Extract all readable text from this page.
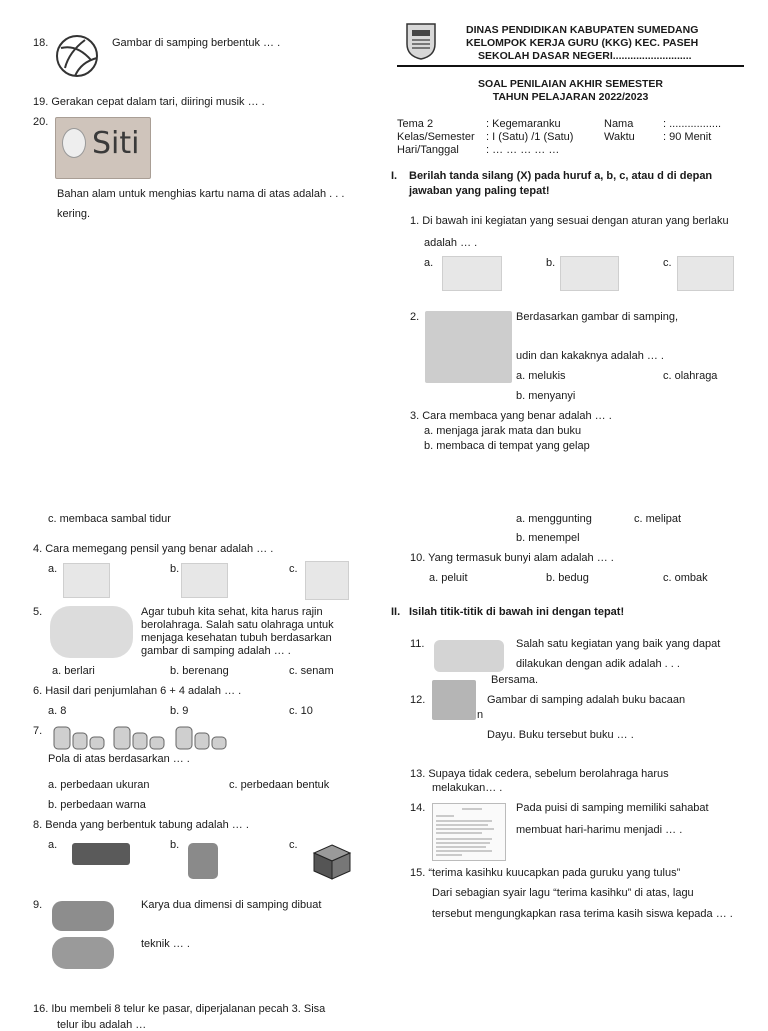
18.	Gambar di samping berbentuk … .
19. Gerakan cepat dalam tari, diiringi musik … .
20.
Siti
Bahan alam untuk menghias kartu nama di atas adalah . . .
kering.
c. membaca sambal tidur
4. Cara memegang pensil yang benar adalah … .
a.	b.	c.
5.	Agar tubuh kita sehat, kita harus rajin
berolahraga. Salah satu olahraga untuk
menjaga kesehatan tubuh berdasarkan
gambar di samping adalah … .
a. berlari	b. berenang	c. senam
6. Hasil dari penjumlahan 6 + 4 adalah … .
a. 8	b. 9	c. 10
7.
Pola di atas berdasarkan … .
a. perbedaan ukuran	c. perbedaan bentuk
b. perbedaan warna
8. Benda yang berbentuk tabung adalah … .
a.	b.	c.
9.	Karya dua dimensi di samping dibuat
teknik … .
16. Ibu membeli 8 telur ke pasar, diperjalanan pecah 3. Sisa
telur ibu adalah …
DINAS PENDIDIKAN KABUPATEN SUMEDANG
KELOMPOK KERJA GURU (KKG) KEC. PASEH
SEKOLAH DASAR NEGERI...........................
SOAL PENILAIAN AKHIR SEMESTER
TAHUN PELAJARAN 2022/2023
Tema 2	: Kegemaranku	Nama	: .................
Kelas/Semester : I (Satu) /1 (Satu)	Waktu	: 90 Menit
Hari/Tanggal : … … … … …
I. Berilah tanda silang (X) pada huruf a, b, c, atau d di depan
jawaban yang paling tepat!
1. Di bawah ini kegiatan yang sesuai dengan aturan yang berlaku
adalah … .
a.	b.	c.
2.	Berdasarkan gambar di samping,
udin dan kakaknya adalah … .
a. melukis	c. olahraga
b. menyanyi
3. Cara membaca yang benar adalah … .
a. menjaga jarak mata dan buku
b. membaca di tempat yang gelap
a. menggunting	c. melipat
b. menempel
10. Yang termasuk bunyi alam adalah … .
a. peluit	b. bedug	c. ombak
II. Isilah titik-titik di bawah ini dengan tepat!
11.	Salah satu kegiatan yang baik yang dapat
dilakukan dengan adik adalah . . .
Bersama.
12.	Gambar di samping adalah buku bacaan
n
Dayu. Buku tersebut buku … .
13. Supaya tidak cedera, sebelum berolahraga harus
melakukan… .
14.	Pada puisi di samping memiliki sahabat
membuat hari-harimu menjadi … .
15. “terima kasihku kuucapkan pada guruku yang tulus”
Dari sebagian syair lagu “terima kasihku” di atas, lagu
tersebut mengungkapkan rasa terima kasih siswa kepada … .
